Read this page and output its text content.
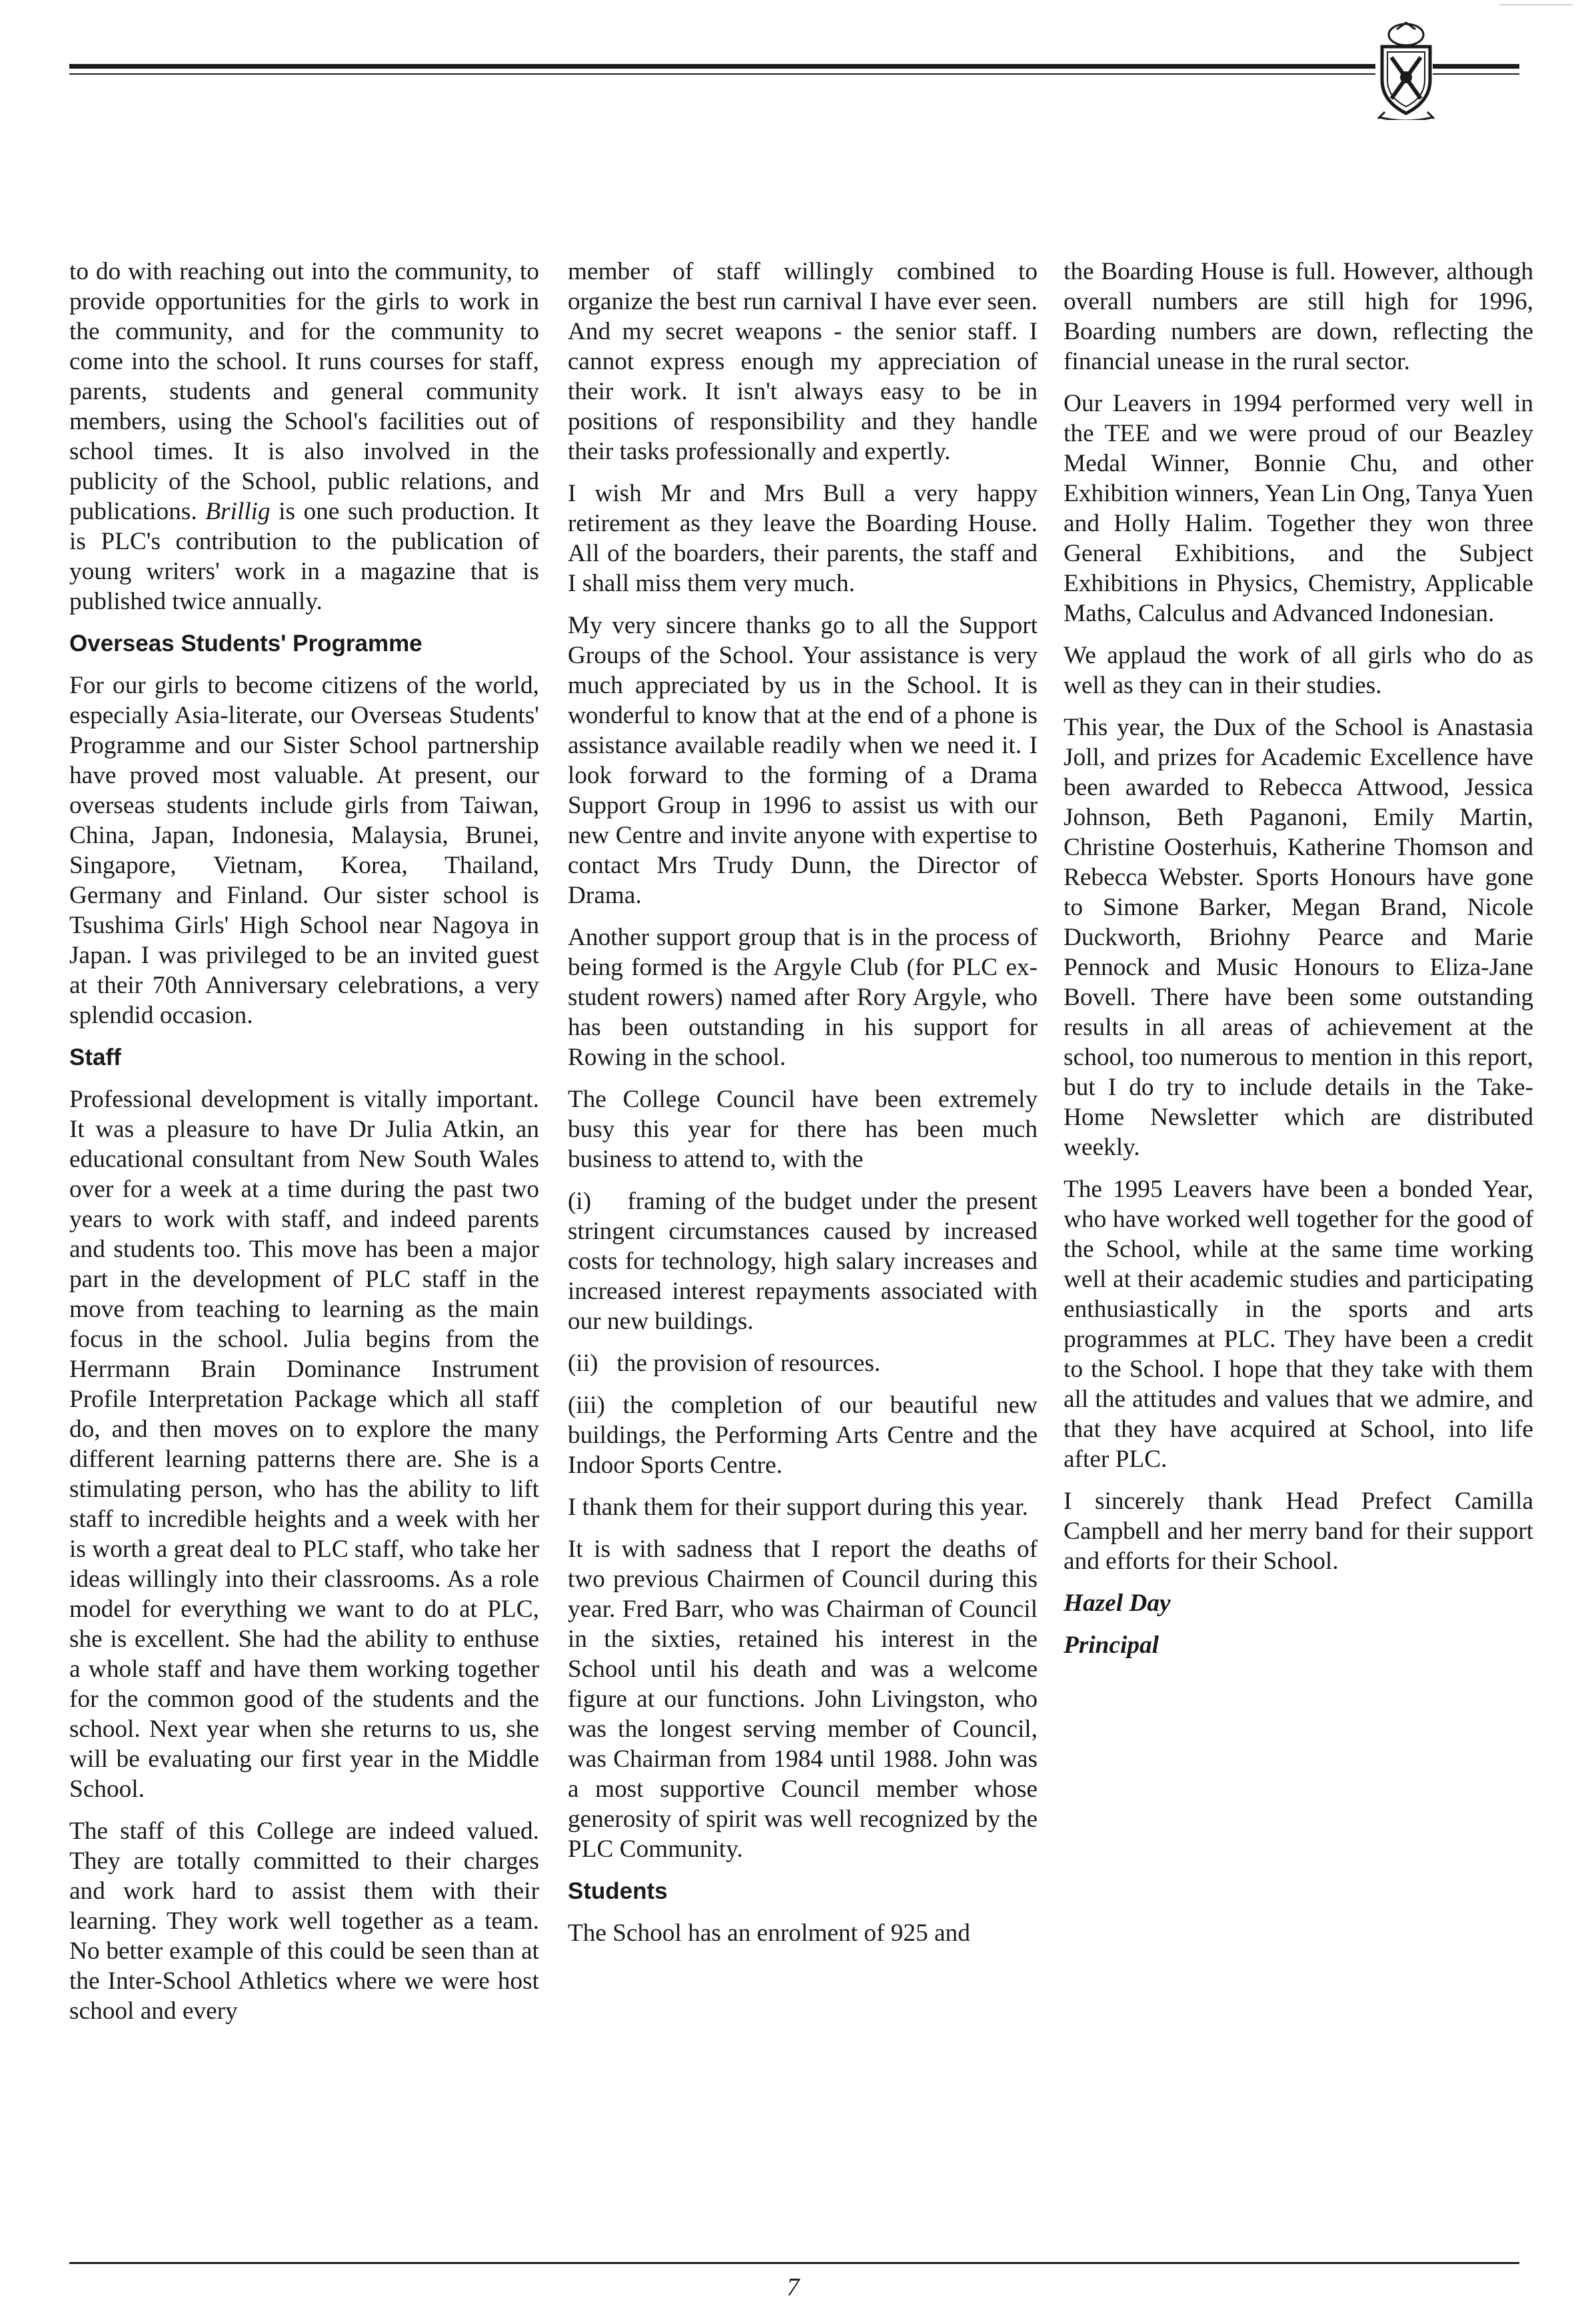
to do with reaching out into the community, to provide opportunities for the girls to work in the community, and for the community to come into the school. It runs courses for staff, parents, students and general community members, using the School's facilities out of school times. It is also involved in the publicity of the School, public relations, and publications. Brillig is one such production. It is PLC's contribution to the publication of young writers' work in a magazine that is published twice annually.

Overseas Students' Programme

For our girls to become citizens of the world, especially Asia-literate, our Overseas Students' Programme and our Sister School partnership have proved most valuable. At present, our overseas students include girls from Taiwan, China, Japan, Indonesia, Malaysia, Brunei, Singapore, Vietnam, Korea, Thailand, Germany and Finland. Our sister school is Tsushima Girls' High School near Nagoya in Japan. I was privileged to be an invited guest at their 70th Anniversary celebrations, a very splendid occasion.

Staff

Professional development is vitally important. It was a pleasure to have Dr Julia Atkin, an educational consultant from New South Wales over for a week at a time during the past two years to work with staff, and indeed parents and students too. This move has been a major part in the development of PLC staff in the move from teaching to learning as the main focus in the school. Julia begins from the Herrmann Brain Dominance Instrument Profile Interpretation Package which all staff do, and then moves on to explore the many different learning patterns there are. She is a stimulating person, who has the ability to lift staff to incredible heights and a week with her is worth a great deal to PLC staff, who take her ideas willingly into their classrooms. As a role model for everything we want to do at PLC, she is excellent. She had the ability to enthuse a whole staff and have them working together for the common good of the students and the school. Next year when she returns to us, she will be evaluating our first year in the Middle School.

The staff of this College are indeed valued. They are totally committed to their charges and work hard to assist them with their learning. They work well together as a team. No better example of this could be seen than at the Inter-School Athletics where we were host school and every

member of staff willingly combined to organize the best run carnival I have ever seen. And my secret weapons - the senior staff. I cannot express enough my appreciation of their work. It isn't always easy to be in positions of responsibility and they handle their tasks professionally and expertly.

I wish Mr and Mrs Bull a very happy retirement as they leave the Boarding House. All of the boarders, their parents, the staff and I shall miss them very much.

My very sincere thanks go to all the Support Groups of the School. Your assistance is very much appreciated by us in the School. It is wonderful to know that at the end of a phone is assistance available readily when we need it. I look forward to the forming of a Drama Support Group in 1996 to assist us with our new Centre and invite anyone with expertise to contact Mrs Trudy Dunn, the Director of Drama.

Another support group that is in the process of being formed is the Argyle Club (for PLC ex-student rowers) named after Rory Argyle, who has been outstanding in his support for Rowing in the school.

The College Council have been extremely busy this year for there has been much business to attend to, with the

(i)    framing of the budget under the present stringent circumstances caused by increased costs for technology, high salary increases and increased interest repayments associated with our new buildings.

(ii)   the provision of resources.

(iii) the completion of our beautiful new buildings, the Performing Arts Centre and the Indoor Sports Centre.

I thank them for their support during this year.

It is with sadness that I report the deaths of two previous Chairmen of Council during this year. Fred Barr, who was Chairman of Council in the sixties, retained his interest in the School until his death and was a welcome figure at our functions. John Livingston, who was the longest serving member of Council, was Chairman from 1984 until 1988. John was a most supportive Council member whose generosity of spirit was well recognized by the PLC Community.

Students

The School has an enrolment of 925 and

the Boarding House is full. However, although overall numbers are still high for 1996, Boarding numbers are down, reflecting the financial unease in the rural sector.

Our Leavers in 1994 performed very well in the TEE and we were proud of our Beazley Medal Winner, Bonnie Chu, and other Exhibition winners, Yean Lin Ong, Tanya Yuen and Holly Halim. Together they won three General Exhibitions, and the Subject Exhibitions in Physics, Chemistry, Applicable Maths, Calculus and Advanced Indonesian.

We applaud the work of all girls who do as well as they can in their studies.

This year, the Dux of the School is Anastasia Joll, and prizes for Academic Excellence have been awarded to Rebecca Attwood, Jessica Johnson, Beth Paganoni, Emily Martin, Christine Oosterhuis, Katherine Thomson and Rebecca Webster. Sports Honours have gone to Simone Barker, Megan Brand, Nicole Duckworth, Briohny Pearce and Marie Pennock and Music Honours to Eliza-Jane Bovell. There have been some outstanding results in all areas of achievement at the school, too numerous to mention in this report, but I do try to include details in the Take-Home Newsletter which are distributed weekly.

The 1995 Leavers have been a bonded Year, who have worked well together for the good of the School, while at the same time working well at their academic studies and participating enthusiastically in the sports and arts programmes at PLC. They have been a credit to the School. I hope that they take with them all the attitudes and values that we admire, and that they have acquired at School, into life after PLC.

I sincerely thank Head Prefect Camilla Campbell and her merry band for their support and efforts for their School.

Hazel Day

Principal

7
